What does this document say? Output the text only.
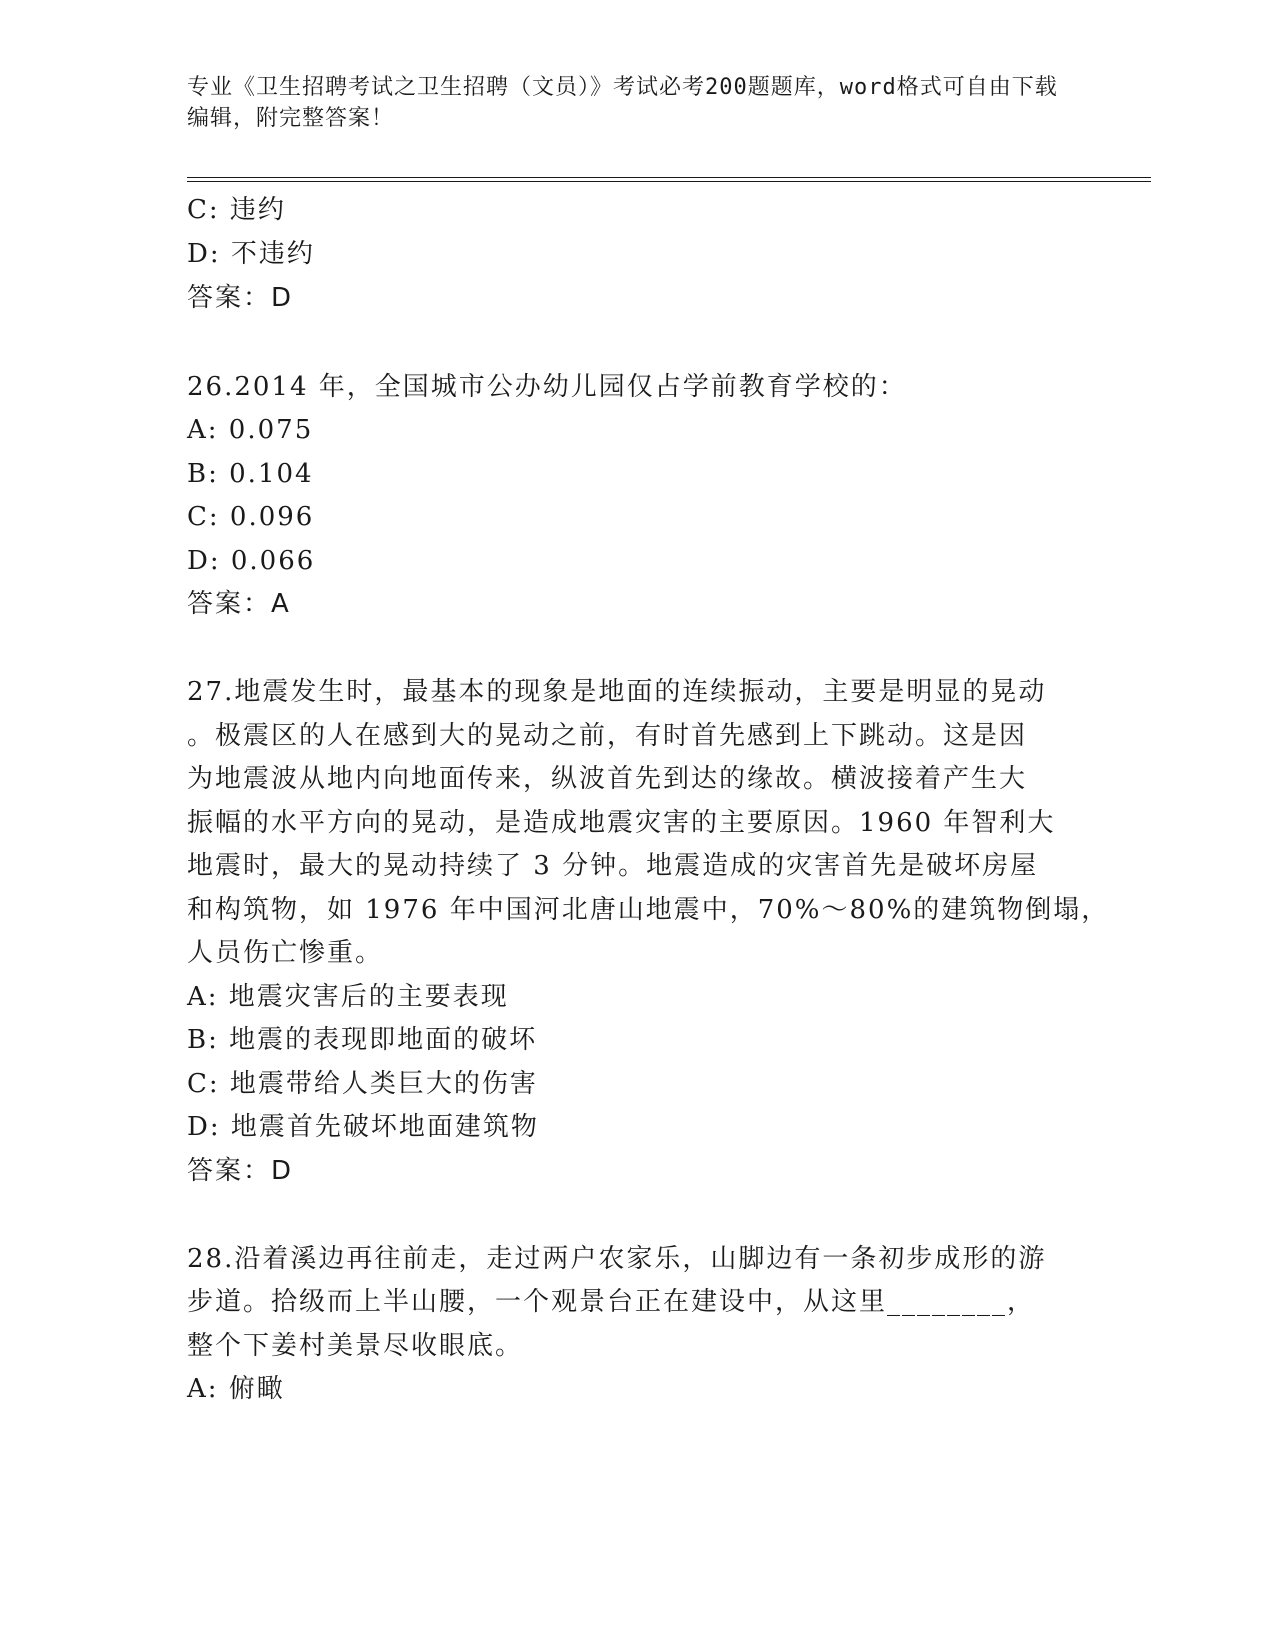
专业《卫生招聘考试之卫生招聘（文员）》考试必考200题题库，word格式可自由下载编辑，附完整答案！
C: 违约
D: 不违约
答案：D
26.2014 年，全国城市公办幼儿园仅占学前教育学校的：
A: 0.075
B: 0.104
C: 0.096
D: 0.066
答案：A
27.地震发生时，最基本的现象是地面的连续振动，主要是明显的晃动
。极震区的人在感到大的晃动之前，有时首先感到上下跳动。这是因
为地震波从地内向地面传来，纵波首先到达的缘故。横波接着产生大
振幅的水平方向的晃动，是造成地震灾害的主要原因。1960 年智利大
地震时，最大的晃动持续了 3 分钟。地震造成的灾害首先是破坏房屋
和构筑物，如 1976 年中国河北唐山地震中，70%～80%的建筑物倒塌，
人员伤亡惨重。
A: 地震灾害后的主要表现
B: 地震的表现即地面的破坏
C: 地震带给人类巨大的伤害
D: 地震首先破坏地面建筑物
答案：D
28.沿着溪边再往前走，走过两户农家乐，山脚边有一条初步成形的游
步道。拾级而上半山腰，一个观景台正在建设中，从这里________，
整个下姜村美景尽收眼底。
A: 俯瞰
